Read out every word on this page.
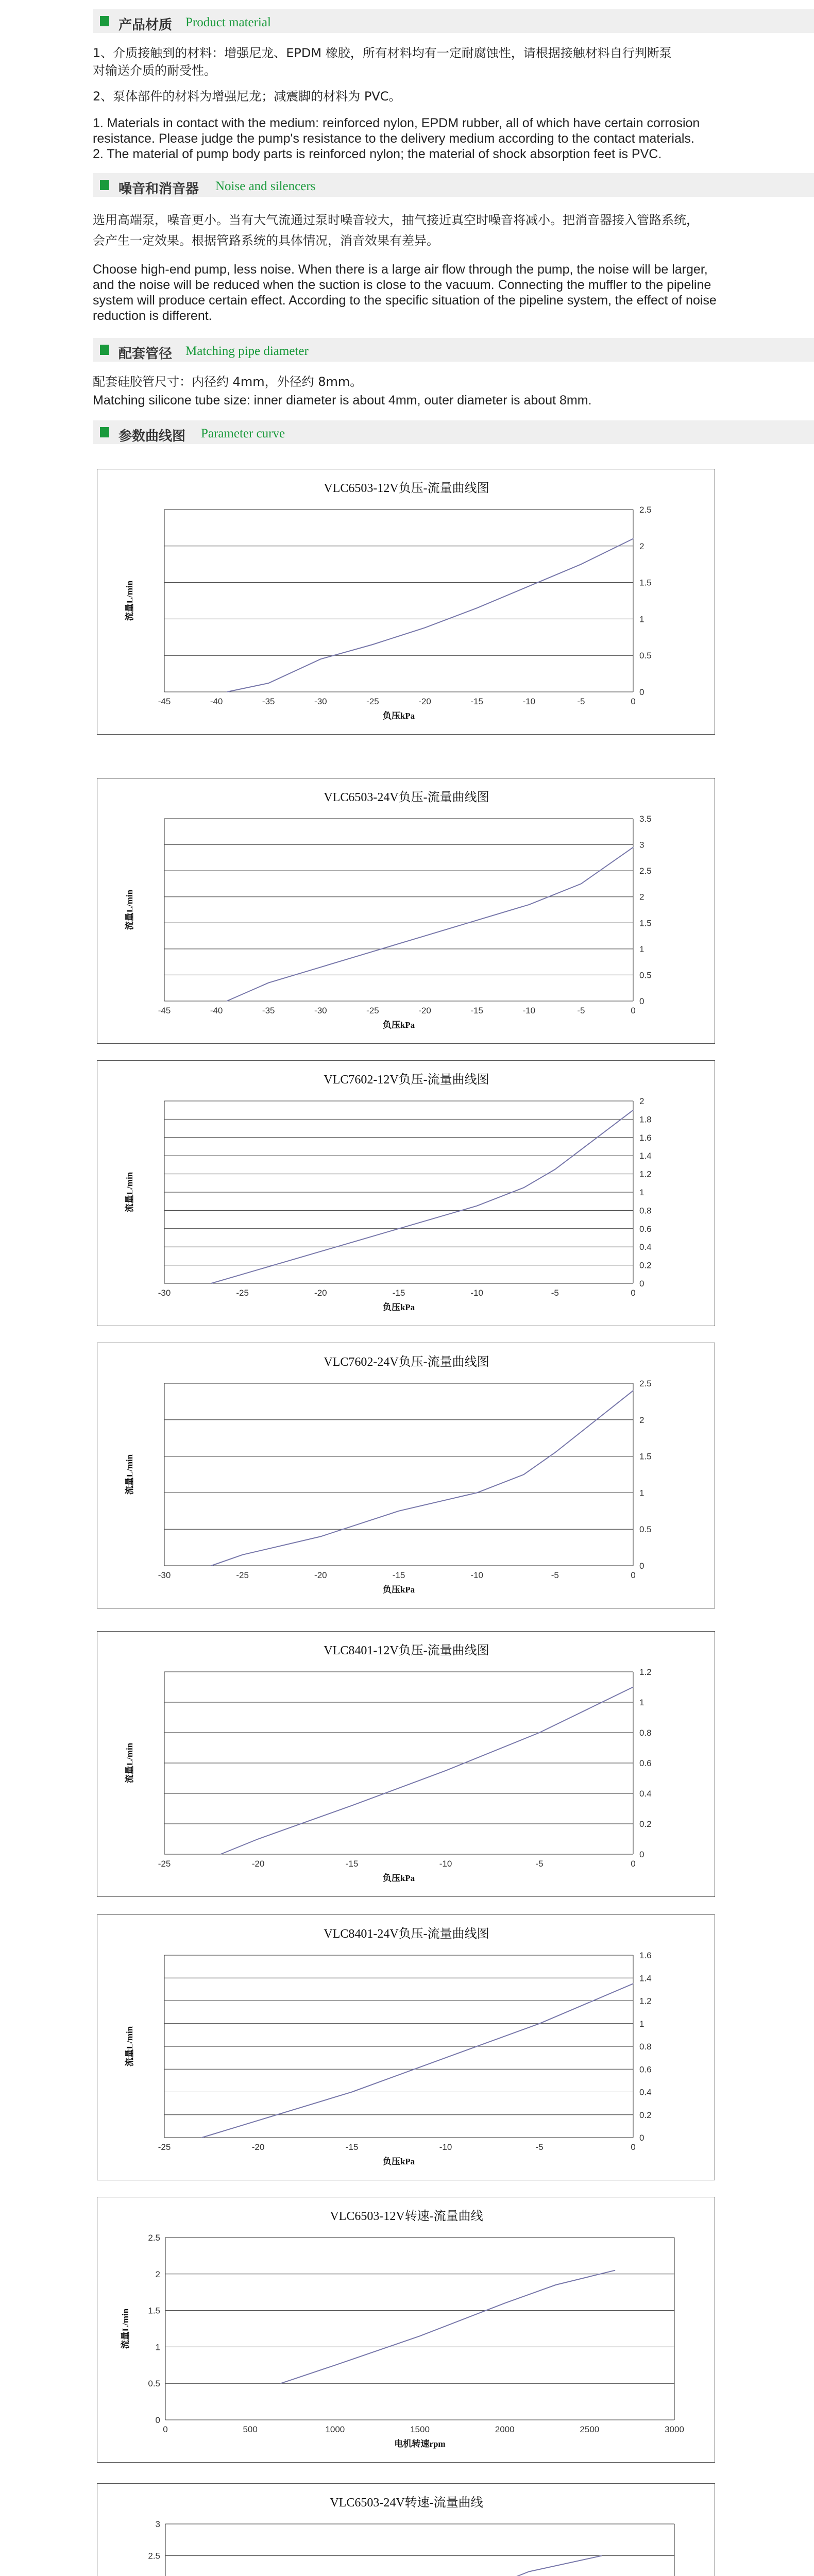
产品材质 Product material

1、介质接触到的材料：增强尼龙、EPDM 橡胶，所有材料均有一定耐腐蚀性，请根据接触材料自行判断泵

对输送介质的耐受性。

2、泵体部件的材料为增强尼龙；减震脚的材料为 PVC。

1. Materials in contact with the medium: reinforced nylon, EPDM rubber, all of which have certain corrosion

resistance. Please judge the pump's resistance to the delivery medium according to the contact materials.

2. The material of pump body parts is reinforced nylon; the material of shock absorption feet is PVC.

噪音和消音器 Noise and silencers

选用高端泵，噪音更小。当有大气流通过泵时噪音较大，抽气接近真空时噪音将减小。把消音器接入管路系统，

会产生一定效果。根据管路系统的具体情况，消音效果有差异。

Choose high-end pump, less noise. When there is a large air flow through the pump, the noise will be larger,

and the noise will be reduced when the suction is close to the vacuum. Connecting the muffler to the pipeline

system will produce certain effect. According to the specific situation of the pipeline system, the effect of noise

reduction is different.

配套管径 Matching pipe diameter

配套硅胶管尺寸：内径约 4mm，外径约 8mm。

Matching silicone tube size: inner diameter is about 4mm, outer diameter is about 8mm.

参数曲线图 Parameter curve
VLC6503-12V负压-流量曲线图
0
0.5
1
1.5
2
2.5
-45	-40	-35	-30	-25	-20	-15	-10	-5	0
负压kPa
流量L/min
VLC6503-24V负压-流量曲线图
0
0.5
1
1.5
2
2.5
3
3.5
-45	-40	-35	-30	-25	-20	-15	-10	-5	0
负压kPa
流量L/min
VLC7602-12V负压-流量曲线图
0
0.2
0.4
0.6
0.8
1
1.2
1.4
1.6
1.8
2
-30	-25	-20	-15	-10	-5	0
负压kPa
流量L/min
VLC7602-24V负压-流量曲线图
0
0.5
1
1.5
2
2.5
-30	-25	-20	-15	-10	-5	0
负压kPa
流量L/min
VLC8401-12V负压-流量曲线图
0
0.2
0.4
0.6
0.8
1
1.2
-25	-20	-15	-10	-5	0
负压kPa
流量L/min
VLC8401-24V负压-流量曲线图
0
0.2
0.4
0.6
0.8
1
1.2
1.4
1.6
-25	-20	-15	-10	-5	0
负压kPa
流量L/min
VLC6503-12V转速-流量曲线
0
0.5
1
1.5
2
2.5
0	500	1000	1500	2000	2500	3000
电机转速rpm
流量L/min
VLC6503-24V转速-流量曲线
2.5
3
